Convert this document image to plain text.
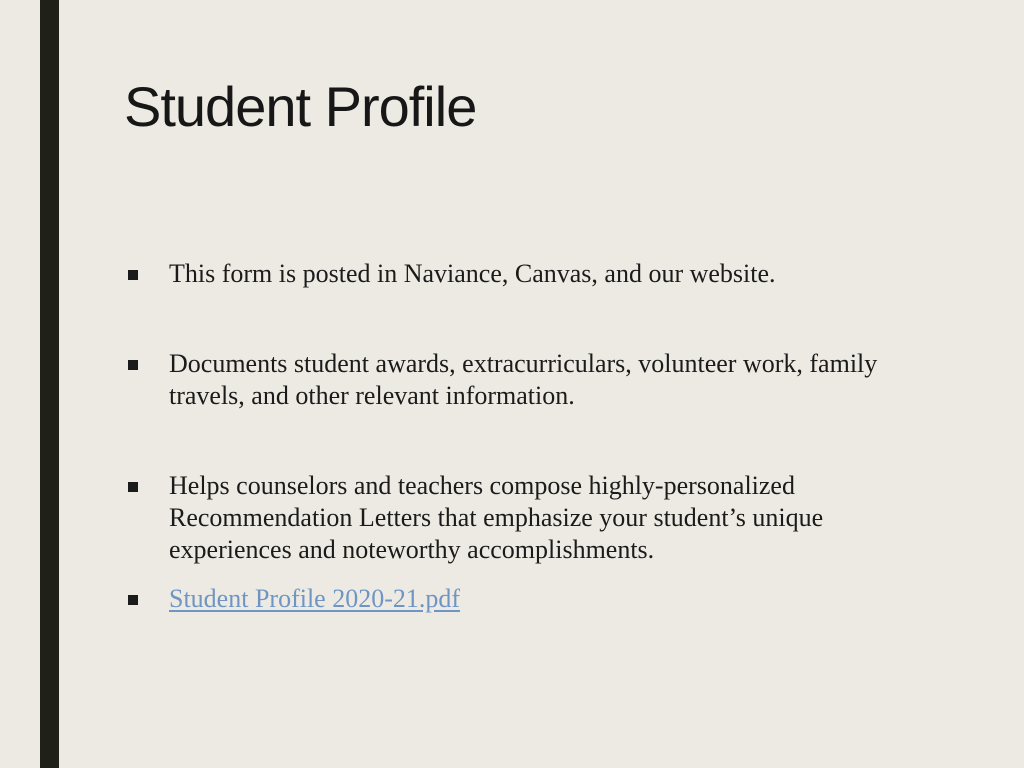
Student Profile
This form is posted in Naviance, Canvas, and our website.
Documents student awards, extracurriculars, volunteer work, family travels, and other relevant information.
Helps counselors and teachers compose highly-personalized Recommendation Letters that emphasize your student’s unique experiences and noteworthy accomplishments.
Student Profile 2020-21.pdf
